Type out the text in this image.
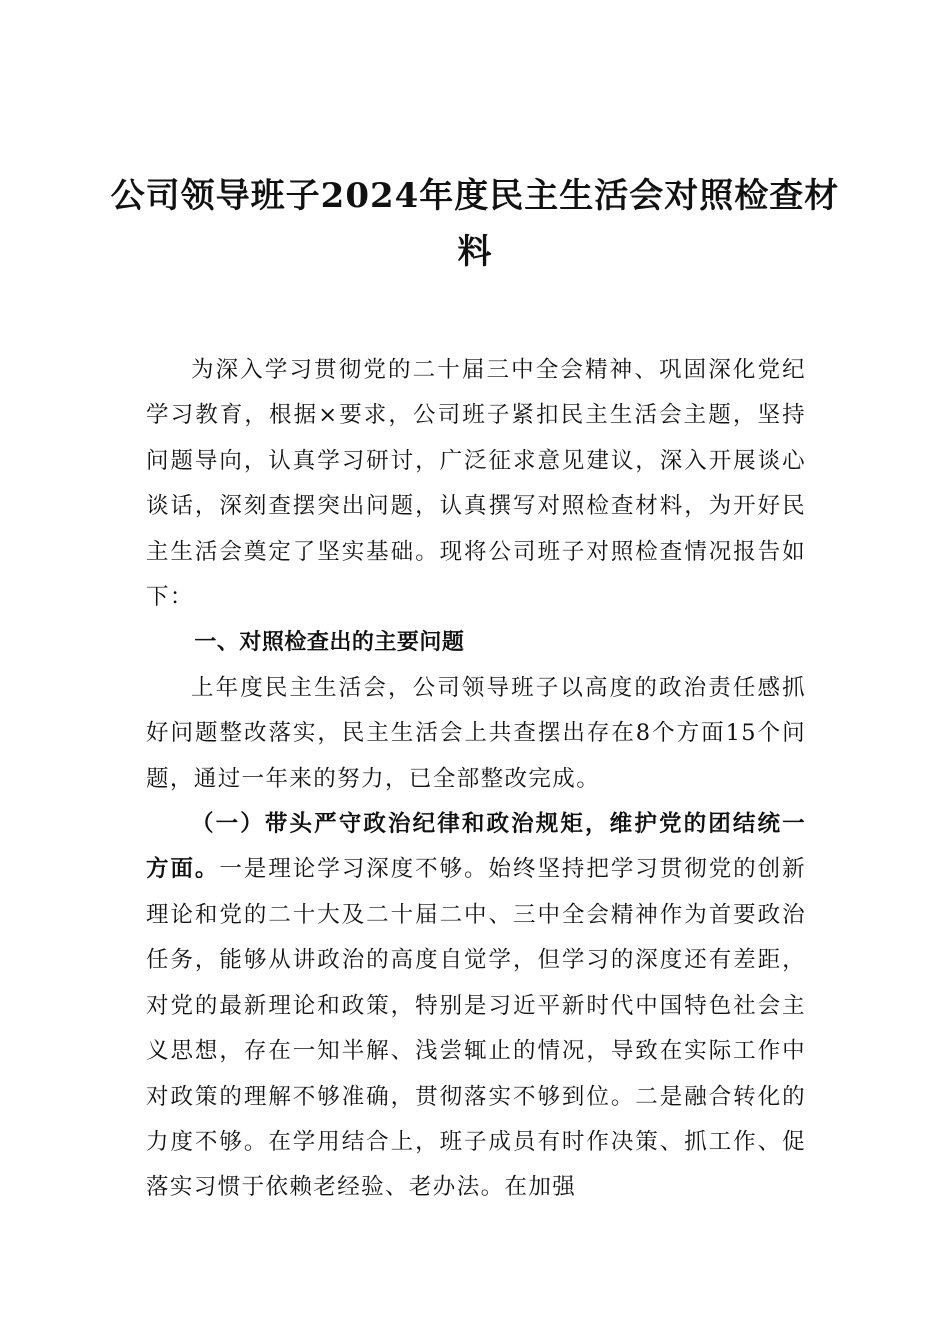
公司领导班子2024年度民主生活会对照检查材料

为深入学习贯彻党的二十届三中全会精神、巩固深化党纪学习教育，根据×要求，公司班子紧扣民主生活会主题，坚持问题导向，认真学习研讨，广泛征求意见建议，深入开展谈心谈话，深刻查摆突出问题，认真撰写对照检查材料，为开好民主生活会奠定了坚实基础。现将公司班子对照检查情况报告如下：

一、对照检查出的主要问题

上年度民主生活会，公司领导班子以高度的政治责任感抓好问题整改落实，民主生活会上共查摆出存在8个方面15个问题，通过一年来的努力，已全部整改完成。

（一）带头严守政治纪律和政治规矩，维护党的团结统一方面。一是理论学习深度不够。始终坚持把学习贯彻党的创新理论和党的二十大及二十届二中、三中全会精神作为首要政治任务，能够从讲政治的高度自觉学，但学习的深度还有差距，对党的最新理论和政策，特别是习近平新时代中国特色社会主义思想，存在一知半解、浅尝辄止的情况，导致在实际工作中对政策的理解不够准确，贯彻落实不够到位。二是融合转化的力度不够。在学用结合上，班子成员有时作决策、抓工作、促落实习惯于依赖老经验、老办法。在加强
